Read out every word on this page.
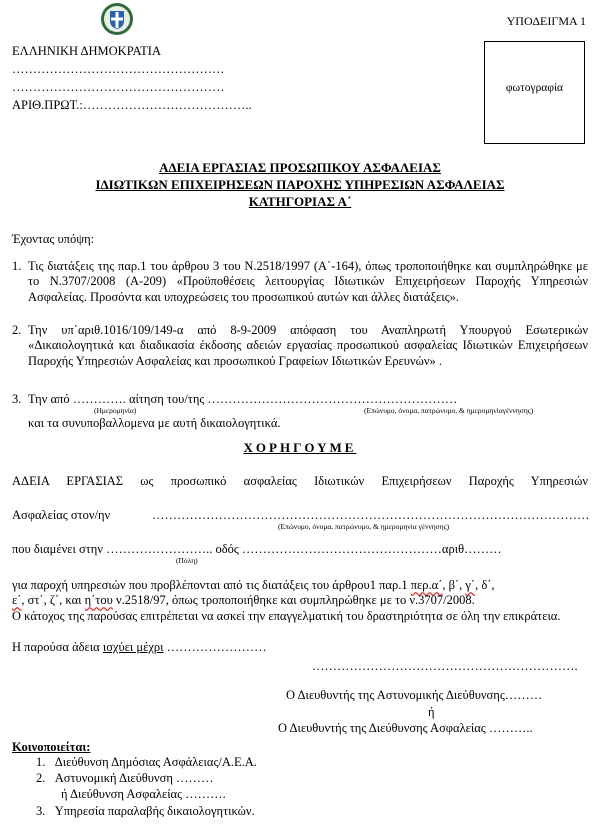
ΥΠΟΔΕΙΓΜΑ 1
φωτογραφία
ΕΛΛΗΝΙΚΗ ΔΗΜΟΚΡΑΤΙΑ
……………………………………………
……………………………………………
ΑΡΙΘ.ΠΡΩΤ.:…………………………………..
ΑΔΕΙΑ ΕΡΓΑΣΙΑΣ ΠΡΟΣΩΠΙΚΟΥ ΑΣΦΑΛΕΙΑΣ
ΙΔΙΩΤΙΚΩΝ ΕΠΙΧΕΙΡΗΣΕΩΝ ΠΑΡΟΧΗΣ ΥΠΗΡΕΣΙΩΝ ΑΣΦΑΛΕΙΑΣ
ΚΑΤΗΓΟΡΙΑΣ Α΄
Έχοντας υπόψη:
1. Τις διατάξεις της παρ.1 του άρθρου 3 του Ν.2518/1997 (Α΄-164), όπως τροποποιήθηκε και συμπληρώθηκε με το Ν.3707/2008 (Α-209) «Προϋποθέσεις λειτουργίας Ιδιωτικών Επιχειρήσεων Παροχής Υπηρεσιών Ασφαλείας. Προσόντα και υποχρεώσεις του προσωπικού αυτών και άλλες διατάξεις».
2. Την υπ΄αριθ.1016/109/149-α από 8-9-2009 απόφαση του Αναπληρωτή Υπουργού Εσωτερικών «Δικαιολογητικά και διαδικασία έκδοσης αδειών εργασίας προσωπικού ασφαλείας Ιδιωτικών Επιχειρήσεων Παροχής Υπηρεσιών Ασφαλείας και προσωπικού Γραφείων Ιδιωτικών Ερευνών» .
3. Την από …………. αίτηση του/της ……………………………………………………
(Ημερομηνία)	(Επώνυμο, όνομα, πατρώνυμο, & ημερομηνίαγέννησης)
και τα συνυποβαλλομενα με αυτή δικαιολογητικά.
ΧΟΡΗΓΟΥΜΕ
ΑΔΕΙΑ ΕΡΓΑΣΙΑΣ ως προσωπικό ασφαλείας Ιδιωτικών Επιχειρήσεων Παροχής Υπηρεσιών
Ασφαλείας στον/ην	……………………………………………………………………………………………
(Επώνυμο, όνομα, πατρώνυμο, & ημερομηνία γέννησης)
που διαμένει στην …………………….. οδός …………………………………………αριθ………
(Πόλη)
για παροχή υπηρεσιών που προβλέπονται από τις διατάξεις του άρθρου1 παρ.1 περ.α΄, β΄, γ΄, δ΄,
ε΄, στ΄, ζ΄, και η΄του ν.2518/97, όπως τροποποιήθηκε και συμπληρώθηκε με το ν.3707/2008.
Ο κάτοχος της παρούσας επιτρέπεται να ασκεί την επαγγελματική του δραστηριότητα σε όλη την επικράτεια.
Η παρούσα άδεια ισχύει μέχρι ……………………
……………………………………………………….
Ο Διευθυντής της Αστυνομικής Διεύθυνσης………
ή
Ο Διευθυντής της Διεύθυνσης Ασφαλείας ………..
Κοινοποιείται:
1. Διεύθυνση Δημόσιας Ασφάλειας/Α.Ε.Α.
2. Αστυνομική Διεύθυνση ………
ή Διεύθυνση Ασφαλείας ……….
3. Υπηρεσία παραλαβής δικαιολογητικών.
